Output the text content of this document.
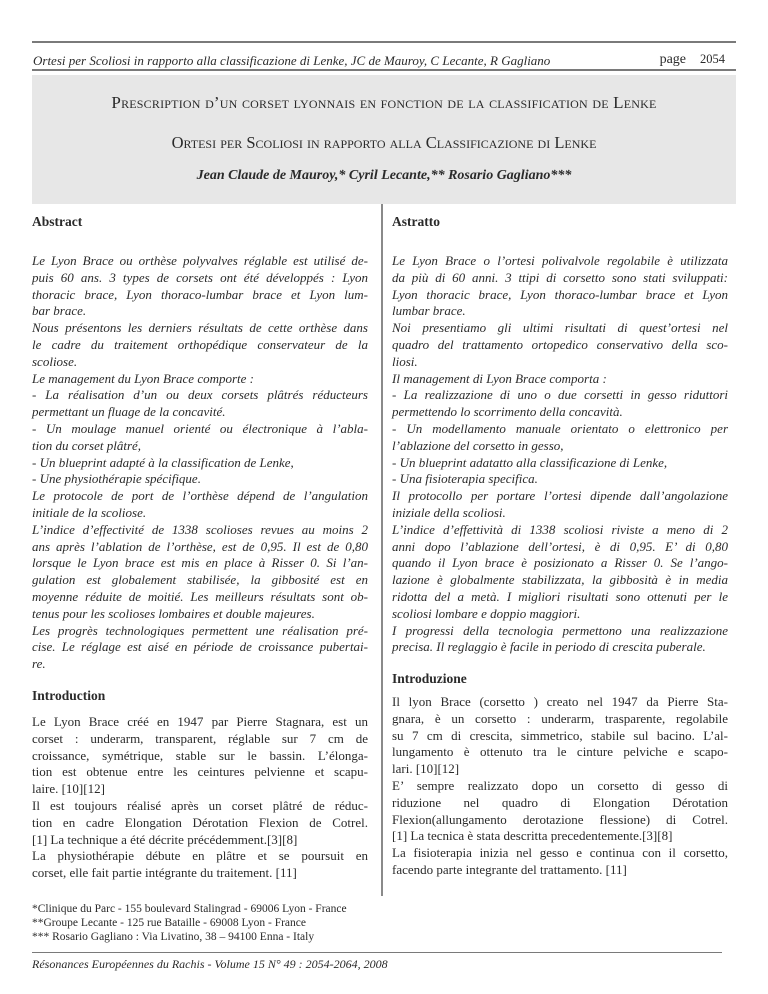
Ortesi per Scoliosi in rapporto alla classificazione di Lenke, JC de Mauroy, C Lecante, R Gagliano	page 2054
Prescription d’un corset lyonnais en fonction de la classification de Lenke
Ortesi per Scoliosi in rapporto alla Classificazione di Lenke
Jean Claude de Mauroy,* Cyril Lecante,** Rosario Gagliano***
Abstract
Le Lyon Brace ou orthèse polyvalves réglable est utilisé de-
puis 60 ans. 3 types de corsets ont été développés : Lyon
thoracic brace, Lyon thoraco-lumbar brace et Lyon lum-
bar brace.
Nous présentons les derniers résultats de cette orthèse dans
le cadre du traitement orthopédique conservateur de la
scoliose.
Le management du Lyon Brace comporte :
- La réalisation d’un ou deux corsets plâtrés réducteurs
permettant un fluage de la concavité.
- Un moulage manuel orienté ou électronique à l’abla-
tion du corset plâtré,
- Un blueprint adapté à la classification de Lenke,
- Une physiothérapie spécifique.
Le protocole de port de l’orthèse dépend de l’angulation
initiale de la scoliose.
L’indice d’effectivité de 1338 scolioses revues au moins 2
ans après l’ablation de l’orthèse, est de 0,95. Il est de 0,80
lorsque le Lyon brace est mis en place à Risser 0. Si l’an-
gulation est globalement stabilisée, la gibbosité est en
moyenne réduite de moitié. Les meilleurs résultats sont ob-
tenus pour les scolioses lombaires et double majeures.
Les progrès technologiques permettent une réalisation pré-
cise. Le réglage est aisé en période de croissance pubertai-
re.
Introduction
Le Lyon Brace créé en 1947 par Pierre Stagnara, est un
corset : underarm, transparent, réglable sur 7 cm de
croissance, symétrique, stable sur le bassin. L’élonga-
tion est obtenue entre les ceintures pelvienne et scapu-
laire. [10][12]
Il est toujours réalisé après un corset plâtré de réduc-
tion en cadre Elongation Dérotation Flexion de Cotrel.
[1] La technique a été décrite précédemment.[3][8]
La physiothérapie débute en plâtre et se poursuit en
corset, elle fait partie intégrante du traitement. [11]
Astratto
Le Lyon Brace o l’ortesi polivalvole regolabile è utilizzata
da più di 60 anni. 3 ttipi di corsetto sono stati sviluppati:
Lyon thoracic brace, Lyon thoraco-lumbar brace et Lyon
lumbar brace.
Noi presentiamo gli ultimi risultati di quest’ortesi nel
quadro del trattamento ortopedico conservativo della sco-
liosi.
Il management di Lyon Brace comporta :
- La realizzazione di uno o due corsetti in gesso riduttori
permettendo lo scorrimento della concavità.
- Un modellamento manuale orientato o elettronico per
l’ablazione del corsetto in gesso,
- Un blueprint adatatto alla classificazione di Lenke,
- Una fisioterapia specifica.
Il protocollo per portare l’ortesi dipende dall’angolazione
iniziale della scoliosi.
L’indice d’effettività di 1338 scoliosi riviste a meno di 2
anni dopo l’ablazione dell’ortesi, è di 0,95. E’ di 0,80
quando il Lyon brace è posizionato a Risser 0. Se l’ango-
lazione è globalmente stabilizzata, la gibbosità è in media
ridotta del a metà. I migliori risultati sono ottenuti per le
scoliosi lombare e doppio maggiori.
I progressi della tecnologia permettono una realizzazione
precisa. Il reglaggio è facile in periodo di crescita puberale.
Introduzione
Il lyon Brace (corsetto ) creato nel 1947 da Pierre Sta-
gnara, è un corsetto : underarm, trasparente, regolabile
su 7 cm di crescita, simmetrico, stabile sul bacino. L’al-
lungamento è ottenuto tra le cinture pelviche e scapo-
lari. [10][12]
E’ sempre realizzato dopo un corsetto di gesso di
riduzione nel quadro di Elongation Dérotation
Flexion(allungamento derotazione flessione) di Cotrel.
[1] La tecnica è stata descritta precedentemente.[3][8]
La fisioterapia inizia nel gesso e continua con il corsetto,
facendo parte integrante del trattamento. [11]
*Clinique du Parc - 155 boulevard Stalingrad - 69006 Lyon - France
**Groupe Lecante - 125 rue Bataille - 69008 Lyon - France
*** Rosario Gagliano : Via Livatino, 38 – 94100 Enna - Italy
Résonances Européennes du Rachis - Volume 15 N° 49 : 2054-2064, 2008
